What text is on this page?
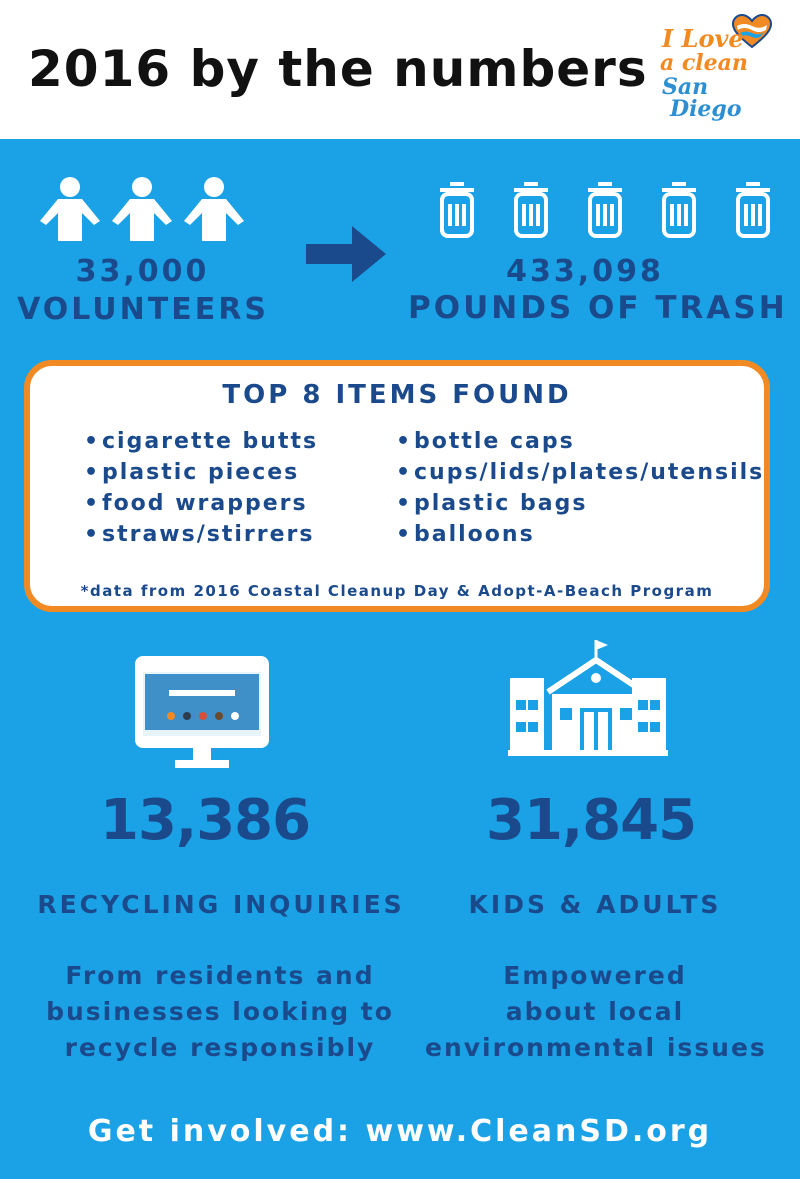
2016 by the numbers
I Love
a clean
San
Diego
33,000
VOLUNTEERS
433,098
POUNDS OF TRASH
TOP 8 ITEMS FOUND
•cigarette butts
•plastic pieces
•food wrappers
•straws/stirrers
•bottle caps
•cups/lids/plates/utensils
•plastic bags
•balloons
*data from 2016 Coastal Cleanup Day & Adopt-A-Beach Program
13,386
RECYCLING INQUIRIES
From residents and
businesses looking to
recycle responsibly
31,845
KIDS & ADULTS
Empowered
about local
environmental issues
Get involved: www.CleanSD.org
